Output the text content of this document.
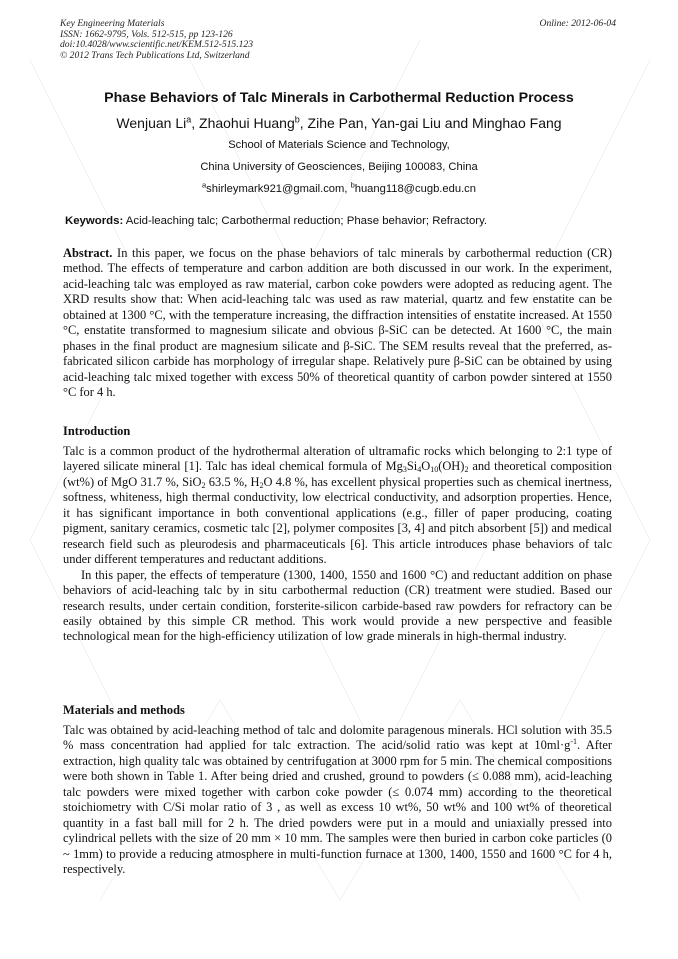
Key Engineering Materials
ISSN: 1662-9795, Vols. 512-515, pp 123-126
doi:10.4028/www.scientific.net/KEM.512-515.123
© 2012 Trans Tech Publications Ltd, Switzerland
Online: 2012-06-04
Phase Behaviors of Talc Minerals in Carbothermal Reduction Process
Wenjuan Li$^a$, Zhaohui Huang$^b$, Zihe Pan, Yan-gai Liu and Minghao Fang
School of Materials Science and Technology,
China University of Geosciences, Beijing 100083, China
$^a$shirleymark921@gmail.com, $^b$huang118@cugb.edu.cn
Keywords: Acid-leaching talc; Carbothermal reduction; Phase behavior; Refractory.

Abstract. In this paper, we focus on the phase behaviors of talc minerals by carbothermal reduction (CR) method. The effects of temperature and carbon addition are both discussed in our work. In the experiment, acid-leaching talc was employed as raw material, carbon coke powders were adopted as reducing agent. The XRD results show that: When acid-leaching talc was used as raw material, quartz and few enstatite can be obtained at 1300 °C, with the temperature increasing, the diffraction intensities of enstatite increased. At 1550 °C, enstatite transformed to magnesium silicate and obvious β-SiC can be detected. At 1600 °C, the main phases in the final product are magnesium silicate and β-SiC. The SEM results reveal that the preferred, as-fabricated silicon carbide has morphology of irregular shape. Relatively pure β-SiC can be obtained by using acid-leaching talc mixed together with excess 50% of theoretical quantity of carbon powder sintered at 1550 °C for 4 h.

Introduction

Talc is a common product of the hydrothermal alteration of ultramafic rocks which belonging to 2:1 type of layered silicate mineral [1]. Talc has ideal chemical formula of $Mg_3Si_4O_{10}(OH)_2$ and theoretical composition (wt%) of MgO 31.7 %, SiO$_2$ 63.5 %, $H_2O$ 4.8 %, has excellent physical properties such as chemical inertness, softness, whiteness, high thermal conductivity, low electrical conductivity, and adsorption properties. Hence, it has significant importance in both conventional applications (e.g., filler of paper producing, coating pigment, sanitary ceramics, cosmetic talc [2], polymer composites [3, 4] and pitch absorbent [5]) and medical research field such as pleurodesis and pharmaceuticals [6]. This article introduces phase behaviors of talc under different temperatures and reductant additions.

In this paper, the effects of temperature (1300, 1400, 1550 and 1600 °C) and reductant addition on phase behaviors of acid-leaching talc by in situ carbothermal reduction (CR) treatment were studied. Based our research results, under certain condition, forsterite-silicon carbide-based raw powders for refractory can be easily obtained by this simple CR method. This work would provide a new perspective and feasible technological mean for the high-efficiency utilization of low grade minerals in high-thermal industry.

Materials and methods

Talc was obtained by acid-leaching method of talc and dolomite paragenous minerals. HCl solution with 35.5 % mass concentration had applied for talc extraction. The acid/solid ratio was kept at $10ml\cdot g^{-1}$. After extraction, high quality talc was obtained by centrifugation at 3000 rpm for 5 min. The chemical compositions were both shown in Table 1. After being dried and crushed, ground to powders (≤ 0.088 mm), acid-leaching talc powders were mixed together with carbon coke powder (≤ 0.074 mm) according to the theoretical stoichiometry with C/Si molar ratio of 3 , as well as excess 10 wt%, 50 wt% and 100 wt% of theoretical quantity in a fast ball mill for 2 h. The dried powders were put in a mould and uniaxially pressed into cylindrical pellets with the size of 20 mm × 10 mm. The samples were then buried in carbon coke particles (0 ~ 1mm) to provide a reducing atmosphere in multi-function furnace at 1300, 1400, 1550 and 1600 °C for 4 h, respectively.
